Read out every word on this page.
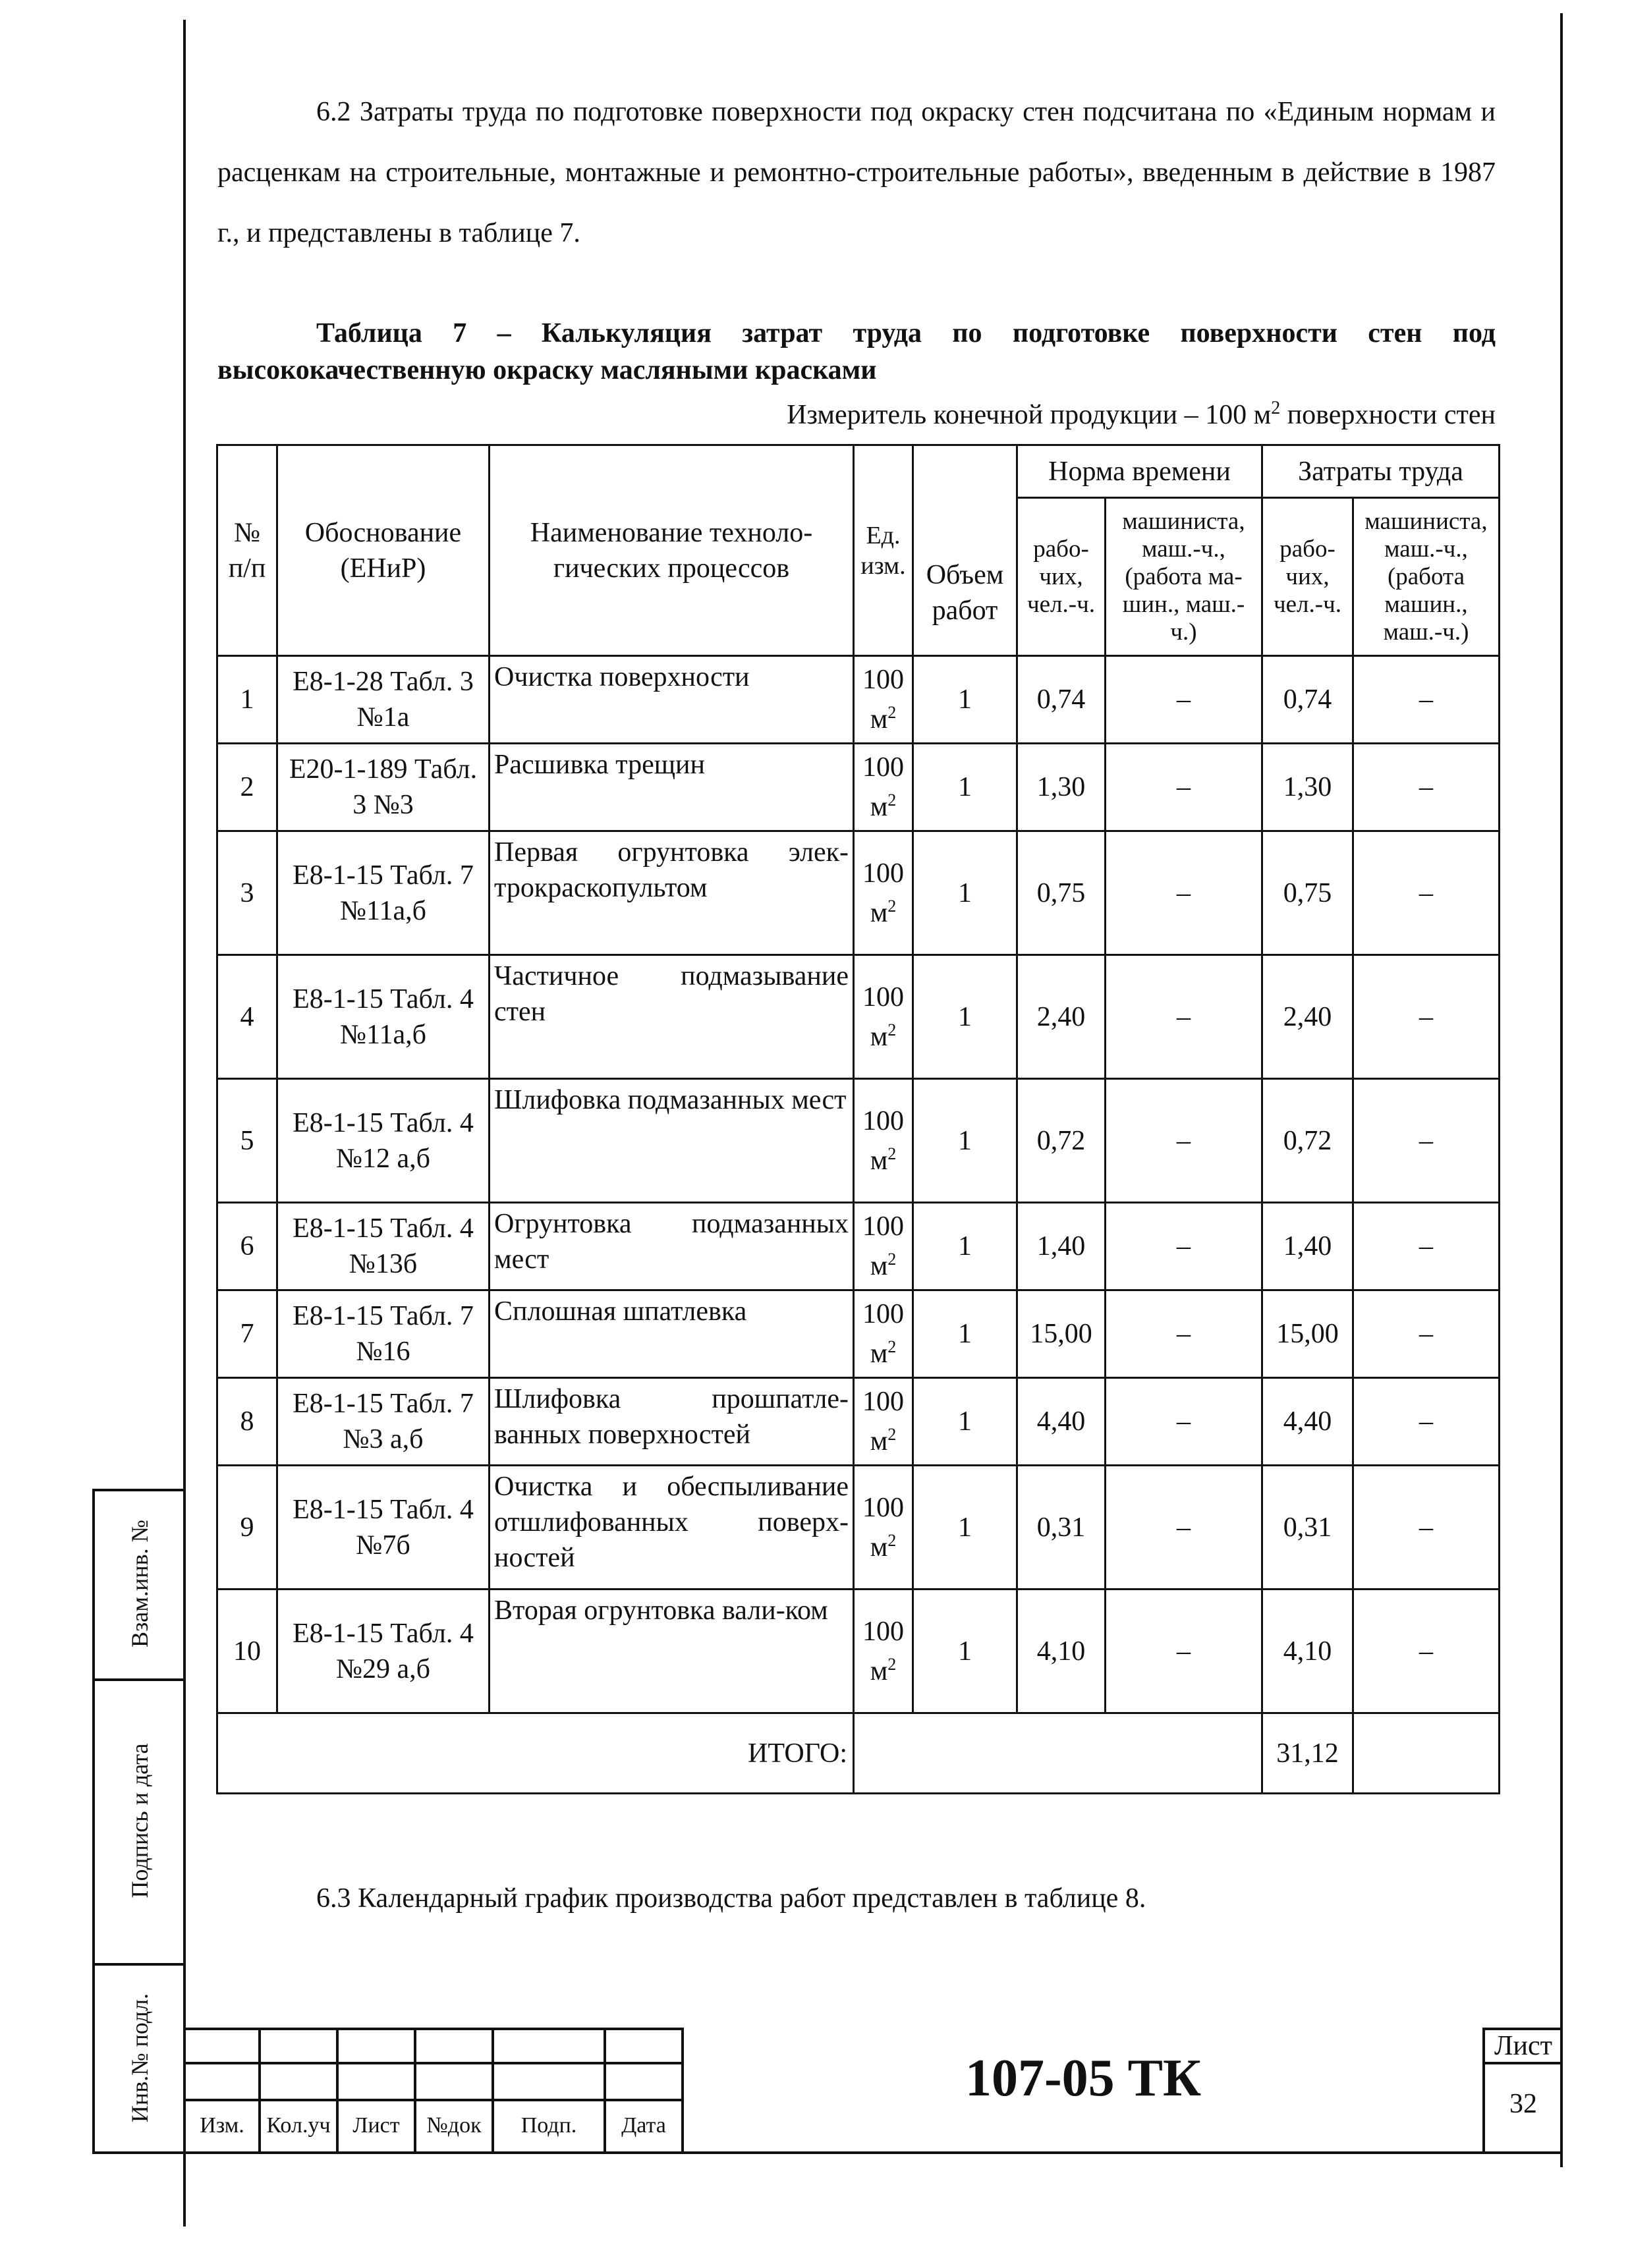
6.2 Затраты труда по подготовке поверхности под окраску стен подсчитана по «Единым нормам и расценкам на строительные, монтажные и ремонтно-строительные работы», введенным в действие в 1987 г., и представлены в таблице 7.
Таблица 7 – Калькуляция затрат труда по подготовке поверхности стен под высококачественную окраску масляными красками
Измеритель конечной продукции – 100 $м^2$ поверхности стен
№ п/п	Обоснование (ЕНиР)	Наименование техноло-гических процессов	Ед. изм.	Объем работ	Норма времени		Затраты труда	
					рабо-чих, чел.-ч.	машиниста, маш.-ч., (работа ма-шин., маш.-ч.)	рабо-чих, чел.-ч.	машиниста, маш.-ч., (работа машин., маш.-ч.)
1	Е8-1-28 Табл. 3 №1а	Очистка поверхности	100 $м^2$	1	0,74	–	0,74	–
2	Е20-1-189 Табл. 3 №3	Расшивка трещин	100 $м^2$	1	1,30	–	1,30	–
3	Е8-1-15 Табл. 7 №11а,б	Первая огрунтовка элек-трокраскопультом	100 $м^2$	1	0,75	–	0,75	–
4	Е8-1-15 Табл. 4 №11а,б	Частичное подмазывание стен	100 $м^2$	1	2,40	–	2,40	–
5	Е8-1-15 Табл. 4 №12 а,б	Шлифовка подмазанных мест	100 $м^2$	1	0,72	–	0,72	–
6	Е8-1-15 Табл. 4 №13б	Огрунтовка подмазанных мест	100 $м^2$	1	1,40	–	1,40	–
7	Е8-1-15 Табл. 7 №16	Сплошная шпатлевка	100 $м^2$	1	15,00	–	15,00	–
8	Е8-1-15 Табл. 7 №3 а,б	Шлифовка прошпатле-ванных поверхностей	100 $м^2$	1	4,40	–	4,40	–
9	Е8-1-15 Табл. 4 №7б	Очистка и обеспыливание отшлифованных поверх-ностей	100 $м^2$	1	0,31	–	0,31	–
10	Е8-1-15 Табл. 4 №29 а,б	Вторая огрунтовка вали-ком	100 $м^2$	1	4,10	–	4,10	–
ИТОГО:							31,12	
6.3 Календарный график производства работ представлен в таблице 8.
Взам.инв. №
Подпись и дата
Инв.№ подл.
Изм. Кол.уч Лист	№док	Подп.	Дата
107-05 ТК
Лист
32
